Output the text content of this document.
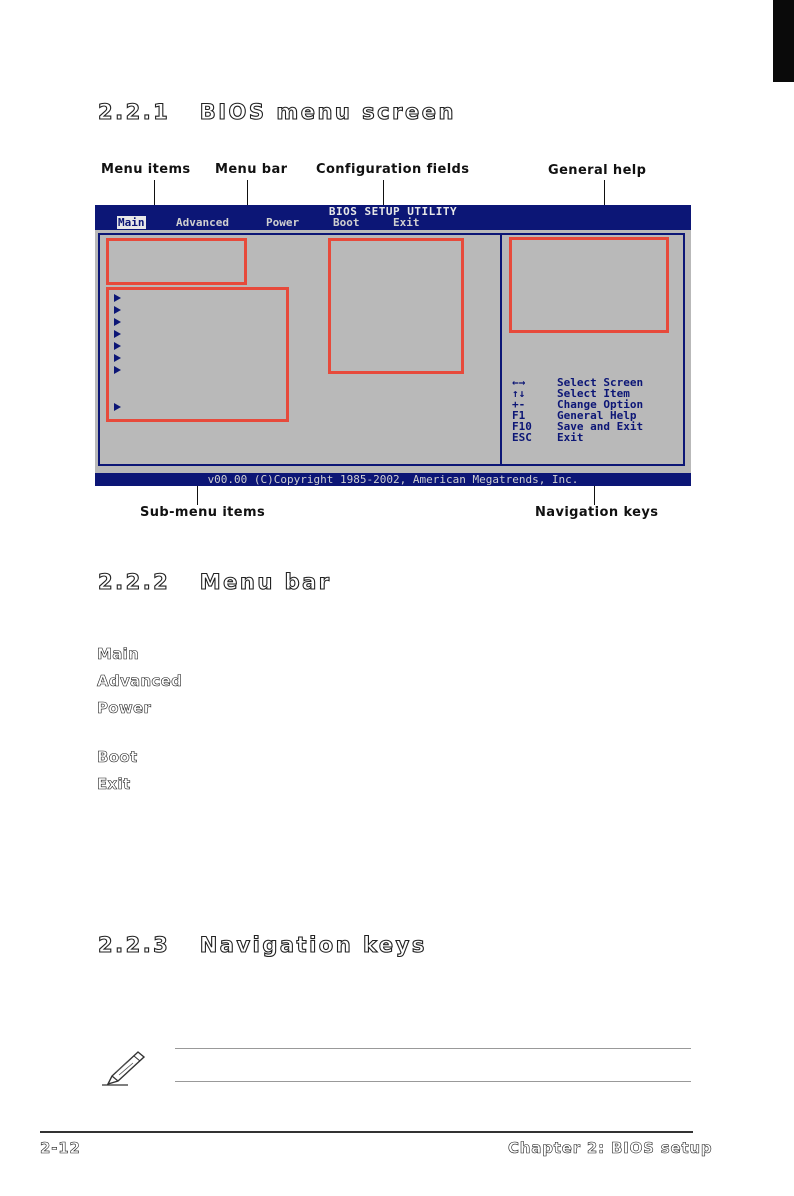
2.2.1   BIOS menu screen
Menu items Menu bar Configuration fields	General help
BIOS SETUP UTILITY
Main	Advanced	Power	Boot	Exit
←→	Select Screen
↑↓	Select Item
+-	Change Option
F1	General Help
F10 Save and Exit
ESC Exit
v00.00 (C)Copyright 1985-2002, American Megatrends, Inc.
Sub-menu items	Navigation keys
2.2.2   Menu bar
Main
Advanced
Power
Boot
Exit
2.2.3   Navigation keys
2-12	Chapter 2: BIOS setup
